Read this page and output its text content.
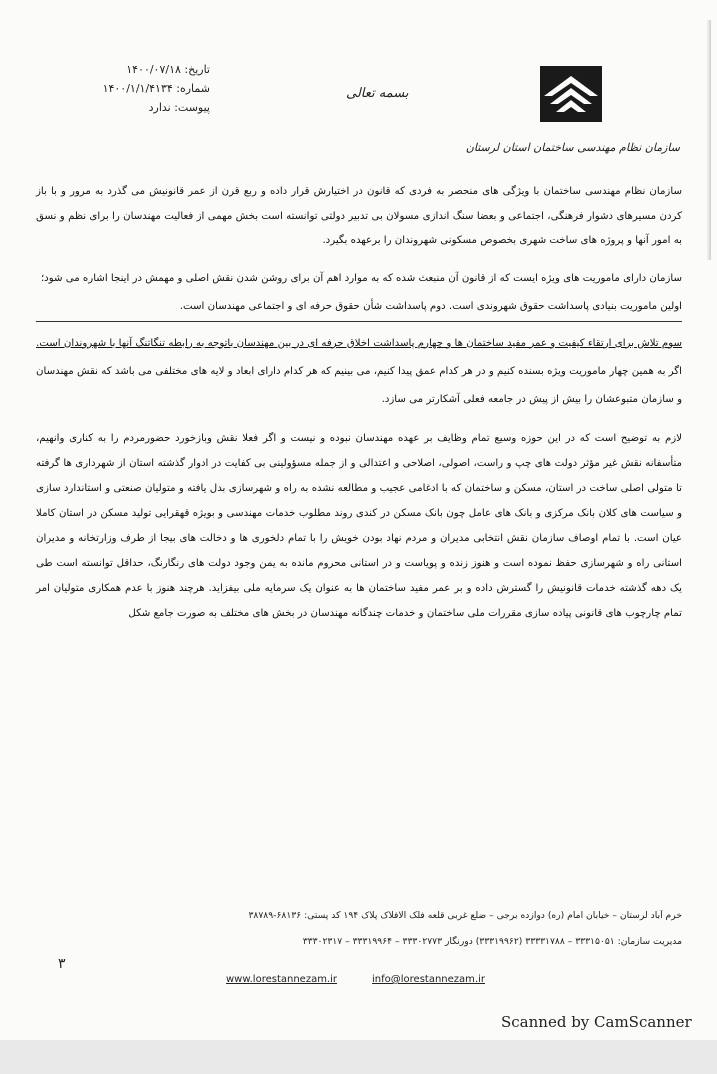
تاریخ: ۱۴۰۰/۰۷/۱۸
شماره: ۱۴۰۰/۱/۱/۴۱۳۴
پیوست: ندارد
بسمه تعالی
سازمان نظام مهندسی ساختمان استان لرستان

سازمان نظام مهندسی ساختمان با ویژگی های منحصر به فردی که قانون در اختیارش قرار داده و ربع قرن از عمر قانونیش می گذرد به مرور و با باز کردن مسیرهای دشوار فرهنگی، اجتماعی و بعضا سنگ اندازی مسولان بی تدبیر دولتی توانسته است بخش مهمی از فعالیت مهندسان را برای نظم و نسق به امور آنها و پروژه های ساخت شهری بخصوص مسکونی شهروندان را برعهده بگیرد.

سازمان دارای ماموریت های ویژه ایست که از قانون آن منبعث شده که به موارد اهم آن برای روشن شدن نقش اصلی و مهمش در اینجا اشاره می شود؛

اولین ماموریت بنیادی پاسداشت حقوق شهروندی است. دوم پاسداشت شأن حقوق حرفه ای و اجتماعی مهندسان است.

سوم تلاش برای ارتقاء کیفیت و عمر مفید ساختمان ها و چهارم پاسداشت اخلاق حرفه ای در بین مهندسان باتوجه به رابطه تنگاتنگ آنها با شهروندان است. اگر به همین چهار ماموریت ویژه بسنده کنیم و در هر کدام عمق پیدا کنیم، می بینیم که هر کدام دارای ابعاد و لایه های مختلفی می باشد که نقش مهندسان و سازمان متبوعشان را بیش از پیش در جامعه فعلی آشکارتر می سازد.

لازم به توضیح است که در این حوزه وسیع تمام وظایف بر عهده مهندسان نبوده و نیست و اگر فعلا نقش وبازخورد حضورمردم را به کناری وانهیم، متأسفانه نقش غیر مؤثر دولت های چپ و راست، اصولی، اصلاحی و اعتدالی و از جمله مسؤولینی بی کفایت در ادوار گذشته استان از شهرداری ها گرفته تا متولی اصلی ساخت در استان، مسکن و ساختمان که با ادغامی عجیب و مطالعه نشده به راه و شهرسازی بدل یافته و متولیان صنعتی و استاندارد سازی و سیاست های کلان بانک مرکزی و بانک های عامل چون بانک مسکن در کندی روند مطلوب خدمات مهندسی و بویژه قهقرایی تولید مسکن در استان کاملا عیان است. با تمام اوصاف سازمان نقش انتخابی مدیران و مردم نهاد بودن خویش را با تمام دلخوری ها و دخالت های بیجا از طرف وزارتخانه و مدیران استانی راه و شهرسازی حفظ نموده است و هنوز زنده و پویاست و در استانی محروم مانده به یمن وجود دولت های رنگارنگ، حداقل توانسته است طی یک دهه گذشته خدمات قانونیش را گسترش داده و بر عمر مفید ساختمان ها به عنوان یک سرمایه ملی بیفزاید. هرچند هنوز با عدم همکاری متولیان امر تمام چارچوب های قانونی پیاده سازی مقررات ملی ساختمان و خدمات چندگانه مهندسان در بخش های مختلف به صورت جامع شکل

خرم آباد لرستان – خیابان امام (ره) دوازده برجی – ضلع غربی قلعه فلک الافلاک پلاک ۱۹۴ کد پستی: ۶۸۱۳۶-۳۸۷۸۹
مدیریت سازمان: ۳۳۳۱۵۰۵۱ – ۳۳۳۳۱۷۸۸ (۳۳۳۱۹۹۶۲) دورنگار ۳۳۳۰۲۷۷۳ – ۳۳۳۱۹۹۶۴ – ۳۳۳۰۲۳۱۷
۳
www.lorestannezam.ir	info@lorestannezam.ir
Scanned by CamScanner
